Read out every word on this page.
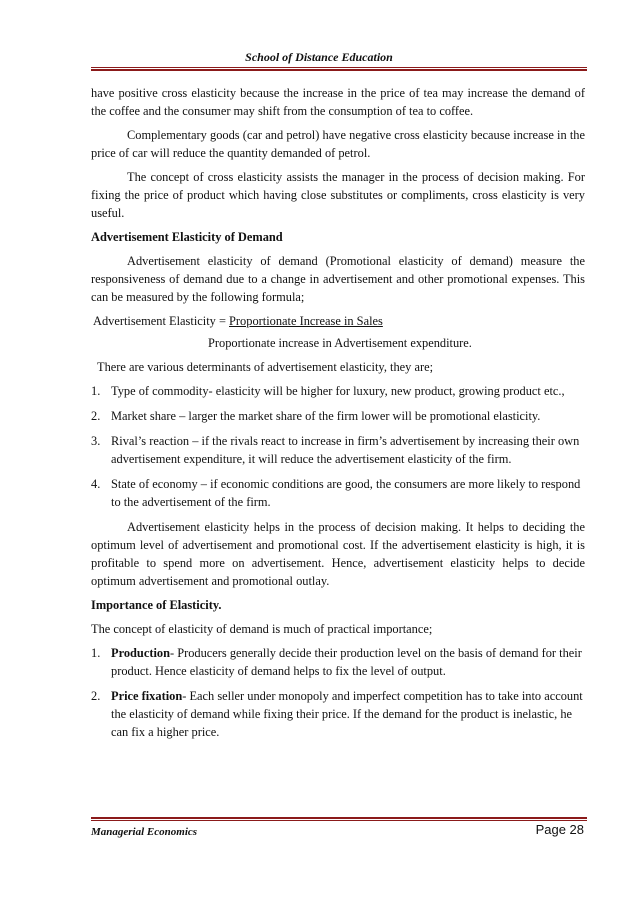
School of Distance Education

have positive cross elasticity because the increase in the price of tea may increase the demand of the coffee and the consumer may shift from the consumption of tea to coffee.

Complementary goods (car and petrol) have negative cross elasticity because increase in the price of car will reduce the quantity demanded of petrol.

The concept of cross elasticity assists the manager in the process of decision making. For fixing the price of product which having close substitutes or compliments, cross elasticity is very useful.

Advertisement Elasticity of Demand

Advertisement elasticity of demand (Promotional elasticity of demand) measure the responsiveness of demand due to a change in advertisement and other promotional expenses. This can be measured by the following formula;

Advertisement Elasticity = Proportionate Increase in Sales
Proportionate increase in Advertisement expenditure.

There are various determinants of advertisement elasticity, they are;

1. Type of commodity- elasticity will be higher for luxury, new product, growing product etc.,
2. Market share – larger the market share of the firm lower will be promotional elasticity.
3. Rival’s reaction – if the rivals react to increase in firm’s advertisement by increasing their own advertisement expenditure, it will reduce the advertisement elasticity of the firm.
4. State of economy – if economic conditions are good, the consumers are more likely to respond to the advertisement of the firm.

Advertisement elasticity helps in the process of decision making. It helps to deciding the optimum level of advertisement and promotional cost. If the advertisement elasticity is high, it is profitable to spend more on advertisement. Hence, advertisement elasticity helps to decide optimum advertisement and promotional outlay.

Importance of Elasticity.

The concept of elasticity of demand is much of practical importance;

1. Production- Producers generally decide their production level on the basis of demand for their product. Hence elasticity of demand helps to fix the level of output.
2. Price fixation- Each seller under monopoly and imperfect competition has to take into account the elasticity of demand while fixing their price. If the demand for the product is inelastic, he can fix a higher price.
Managerial Economics	Page 28
